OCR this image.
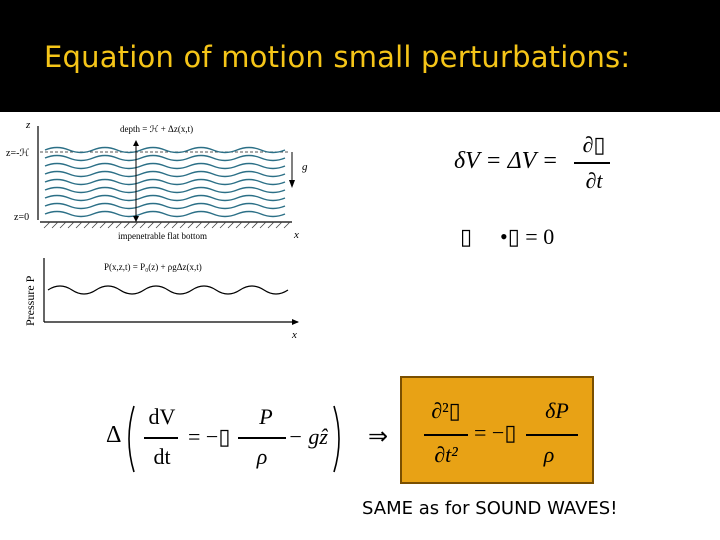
Equation of motion small perturbations:
z
z=-ℋ
z=0
depth = ℋ + Δz(x,t)
g
x
impenetrable flat bottom
Pressure P
P(x,z,t) = P₀(z) + ρgΔz(x,t)
x
δV = ΔV =
∂▯
∂t
▯ •▯ = 0
Δ
dV
dt
= −▯
P
ρ
− gẑ ⇒
∂²▯
∂t²
= −▯
δP
ρ
SAME as for SOUND WAVES!
